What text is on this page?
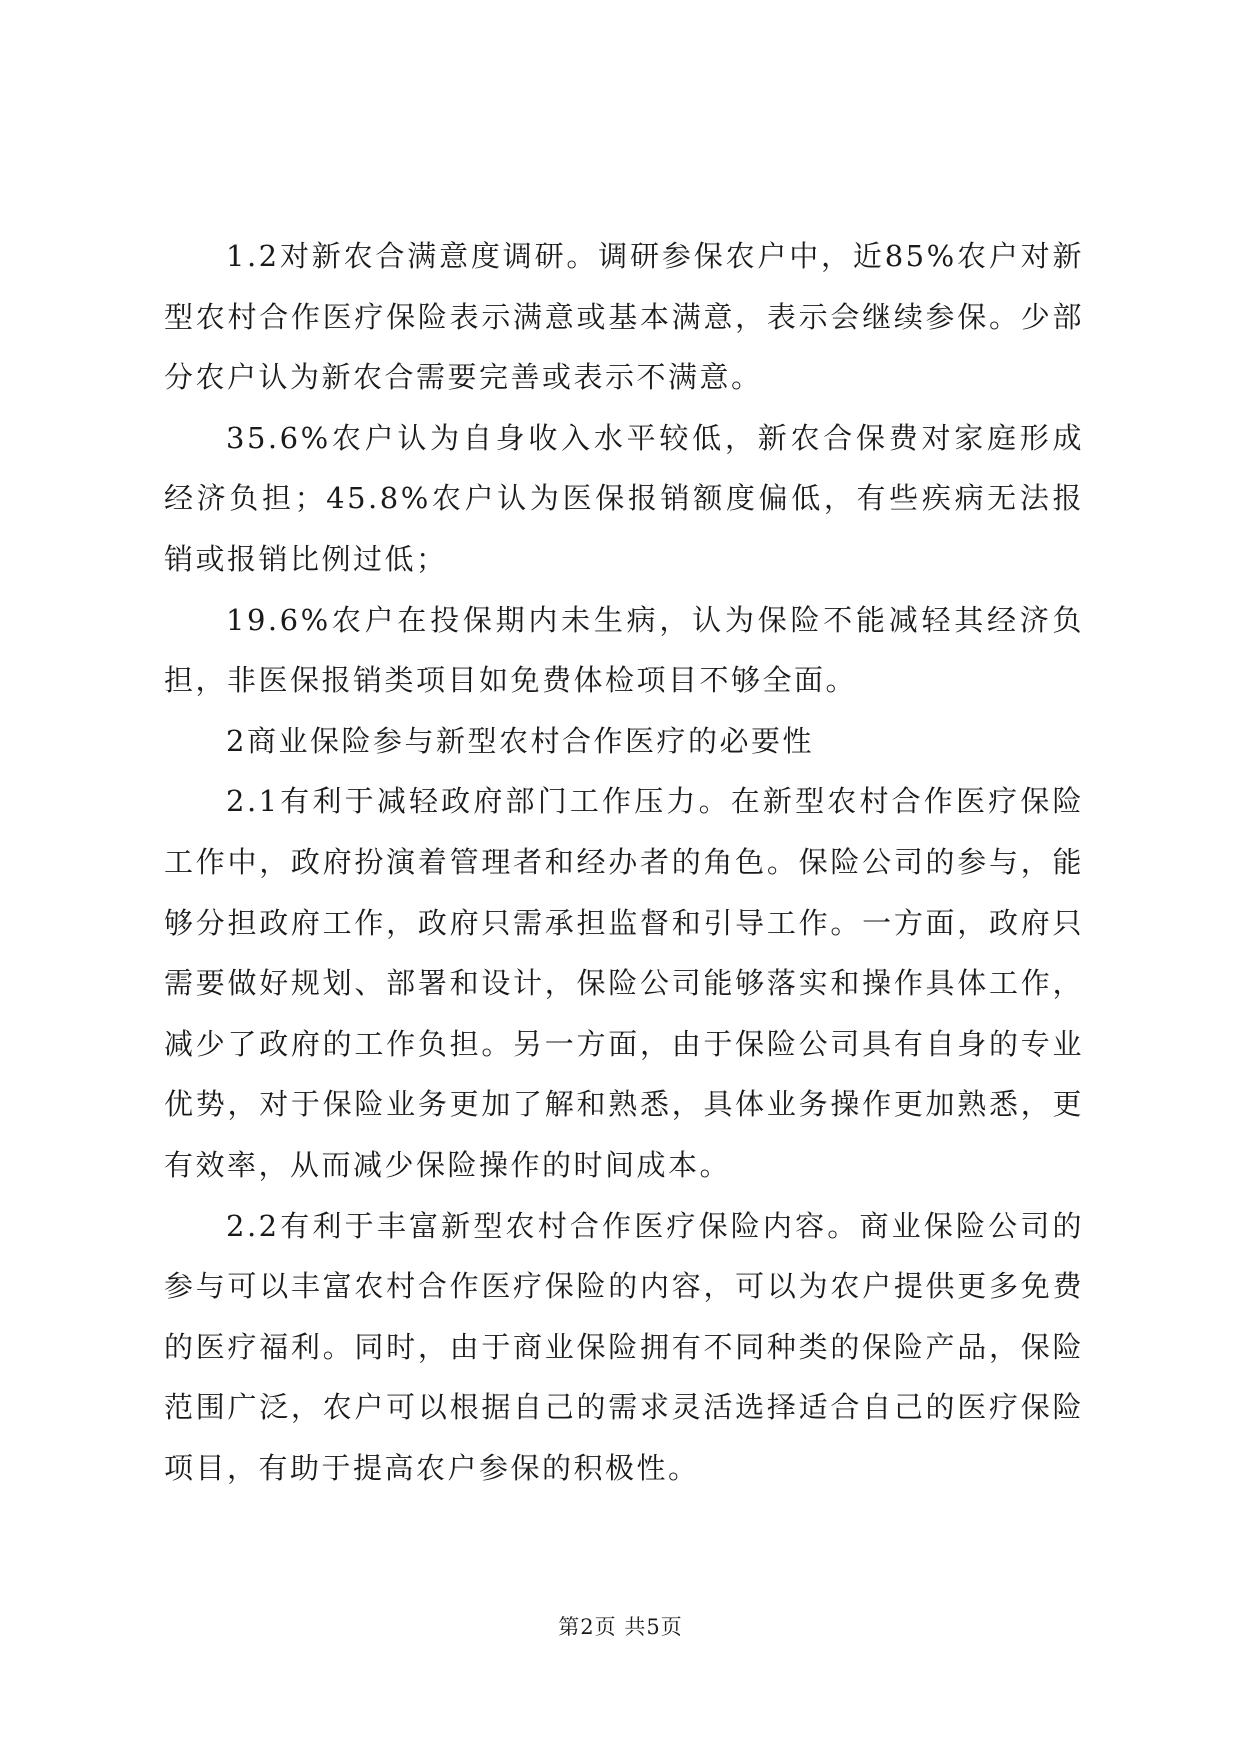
1.2对新农合满意度调研。调研参保农户中，近85%农户对新型农村合作医疗保险表示满意或基本满意，表示会继续参保。少部分农户认为新农合需要完善或表示不满意。

35.6%农户认为自身收入水平较低，新农合保费对家庭形成经济负担；45.8%农户认为医保报销额度偏低，有些疾病无法报销或报销比例过低；

19.6%农户在投保期内未生病，认为保险不能减轻其经济负担，非医保报销类项目如免费体检项目不够全面。

2商业保险参与新型农村合作医疗的必要性

2.1有利于减轻政府部门工作压力。在新型农村合作医疗保险工作中，政府扮演着管理者和经办者的角色。保险公司的参与，能够分担政府工作，政府只需承担监督和引导工作。一方面，政府只需要做好规划、部署和设计，保险公司能够落实和操作具体工作，减少了政府的工作负担。另一方面，由于保险公司具有自身的专业优势，对于保险业务更加了解和熟悉，具体业务操作更加熟悉，更有效率，从而减少保险操作的时间成本。

2.2有利于丰富新型农村合作医疗保险内容。商业保险公司的参与可以丰富农村合作医疗保险的内容，可以为农户提供更多免费的医疗福利。同时，由于商业保险拥有不同种类的保险产品，保险范围广泛，农户可以根据自己的需求灵活选择适合自己的医疗保险项目，有助于提高农户参保的积极性。

第2页 共5页
